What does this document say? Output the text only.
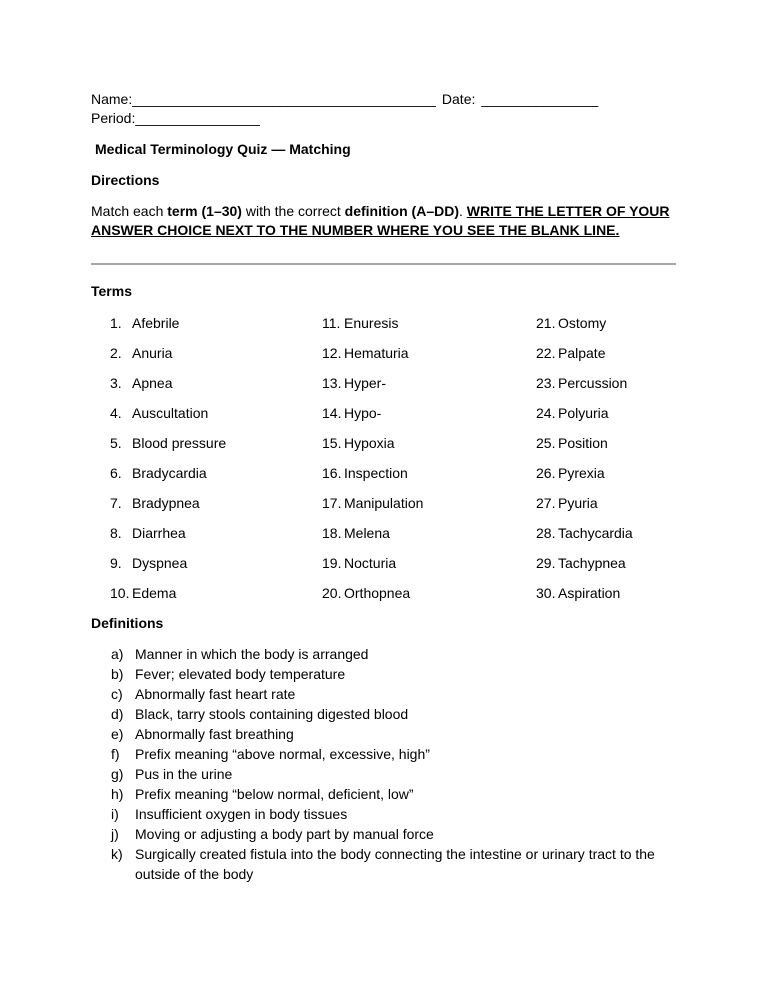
Name:_______________________________________ Date: _______________

Period:________________

Medical Terminology Quiz — Matching

Directions

Match each term (1–30) with the correct definition (A–DD). WRITE THE LETTER OF YOUR ANSWER CHOICE NEXT TO THE NUMBER WHERE YOU SEE THE BLANK LINE.

Terms

1. Afebrile
2. Anuria
3. Apnea
4. Auscultation
5. Blood pressure
6. Bradycardia
7. Bradypnea
8. Diarrhea
9. Dyspnea
10. Edema
11. Enuresis
12. Hematuria
13. Hyper-
14. Hypo-
15. Hypoxia
16. Inspection
17. Manipulation
18. Melena
19. Nocturia
20. Orthopnea
21. Ostomy
22. Palpate
23. Percussion
24. Polyuria
25. Position
26. Pyrexia
27. Pyuria
28. Tachycardia
29. Tachypnea
30. Aspiration

Definitions

a) Manner in which the body is arranged
b) Fever; elevated body temperature
c) Abnormally fast heart rate
d) Black, tarry stools containing digested blood
e) Abnormally fast breathing
f)	Prefix meaning “above normal, excessive, high”
g) Pus in the urine
h) Prefix meaning “below normal, deficient, low”
i)	Insufficient oxygen in body tissues
j)	Moving or adjusting a body part by manual force
k) Surgically created fistula into the body connecting the intestine or urinary tract to the outside of the body
